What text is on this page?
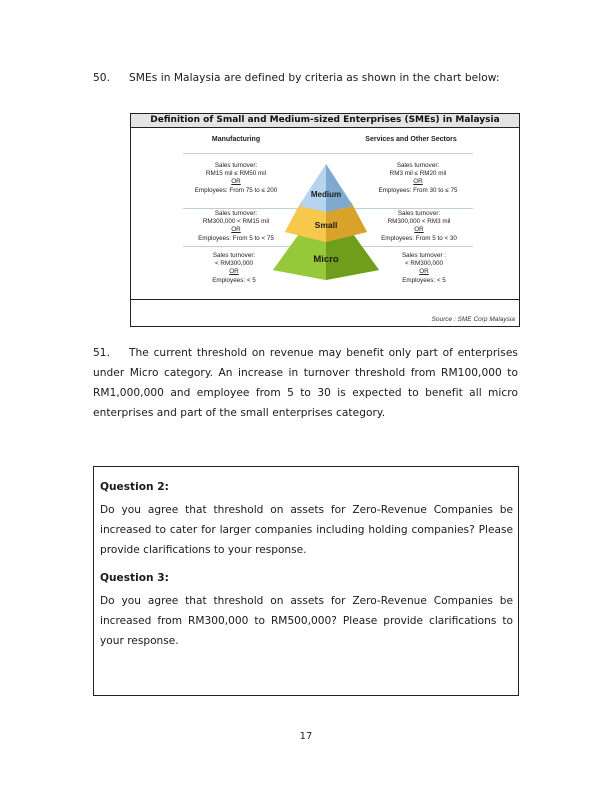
50. SMEs in Malaysia are defined by criteria as shown in the chart below:
Definition of Small and Medium-sized Enterprises (SMEs) in Malaysia
Manufacturing	Services and Other Sectors
Sales turnover:
RM15 mil ≤ RM50 mil
OR
Employees: From 75 to ≤ 200
Sales turnover:
RM3 mil ≤ RM20 mil
OR
Employees: From 30 to ≤ 75
Sales turnover:
RM300,000 < RM15 mil
OR
Employees: From 5 to < 75
Sales turnover:
RM300,000 < RM3 mil
OR
Employees: From 5 to < 30
Sales turnover:
< RM300,000
OR
Employees: < 5
Sales turnover :
< RM300,000
OR
Employees: < 5
Medium
Small
Micro
Source : SME Corp Malaysia
51. The current threshold on revenue may benefit only part of enterprises under Micro category. An increase in turnover threshold from RM100,000 to RM1,000,000 and employee from 5 to 30 is expected to benefit all micro enterprises and part of the small enterprises category.
Question 2:
Do you agree that threshold on assets for Zero-Revenue Companies be increased to cater for larger companies including holding companies? Please provide clarifications to your response.
Question 3:
Do you agree that threshold on assets for Zero-Revenue Companies be increased from RM300,000 to RM500,000? Please provide clarifications to your response.
17
